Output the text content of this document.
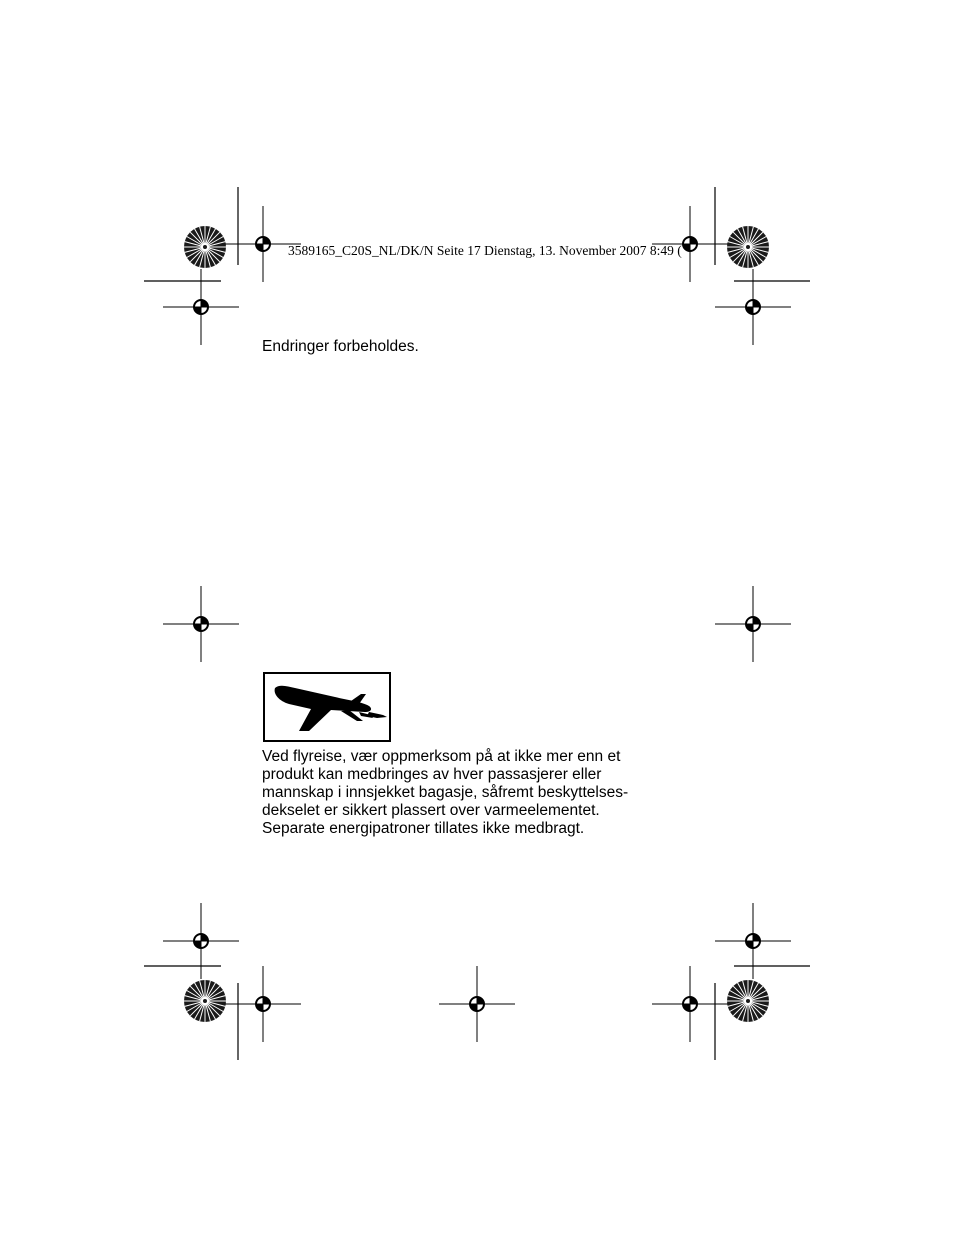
3589165_C20S_NL/DK/N Seite 17 Dienstag, 13. November 2007 8:49 (
Endringer forbeholdes.
Ved flyreise, vær oppmerksom på at ikke mer enn et
produkt kan medbringes av hver passasjerer eller
mannskap i innsjekket bagasje, såfremt beskyttelses-
dekselet er sikkert plassert over varmeelementet.
Separate energipatroner tillates ikke medbragt.
